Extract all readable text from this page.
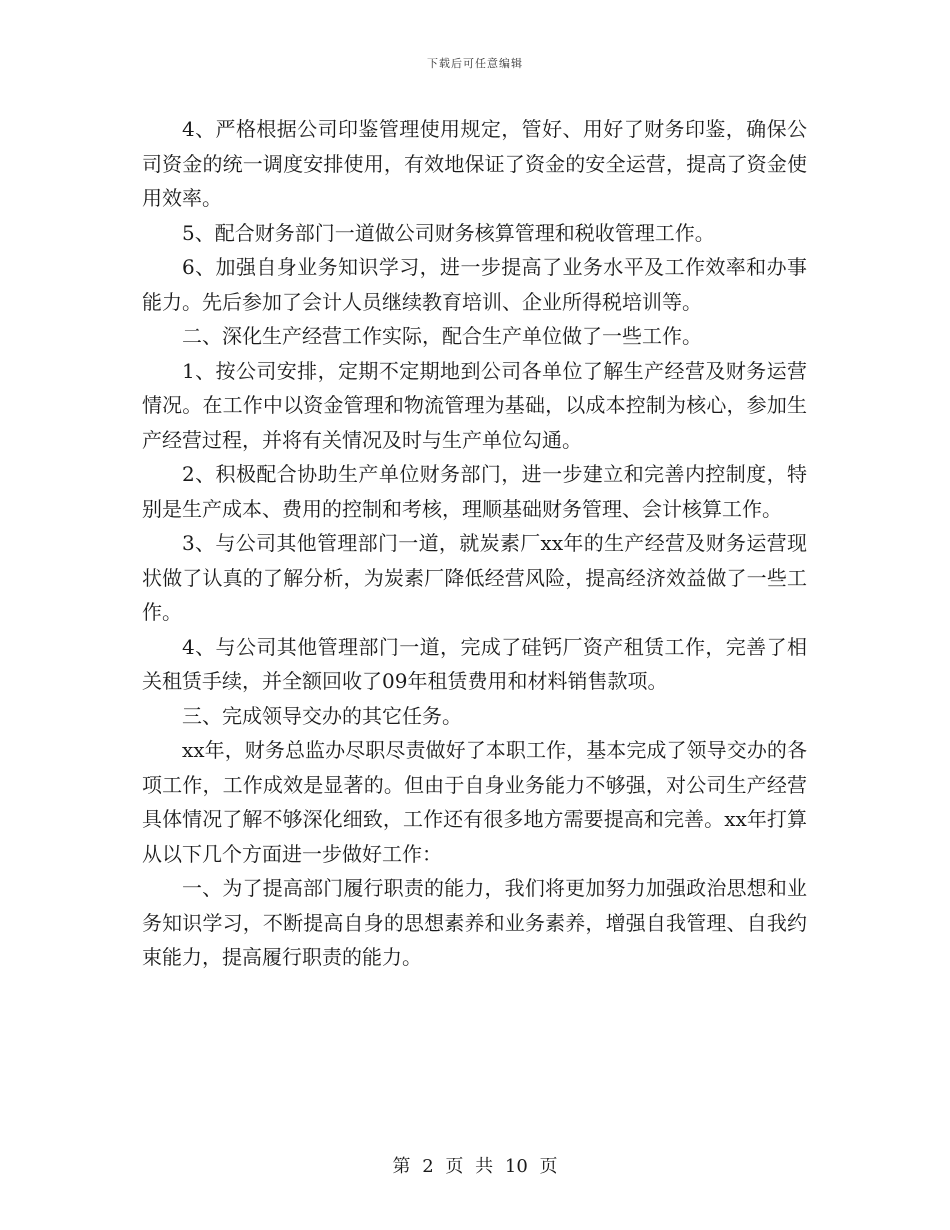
下载后可任意编辑

4、严格根据公司印鉴管理使用规定，管好、用好了财务印鉴，确保公司资金的统一调度安排使用，有效地保证了资金的安全运营，提高了资金使用效率。

5、配合财务部门一道做公司财务核算管理和税收管理工作。

6、加强自身业务知识学习，进一步提高了业务水平及工作效率和办事能力。先后参加了会计人员继续教育培训、企业所得税培训等。

二、深化生产经营工作实际，配合生产单位做了一些工作。

1、按公司安排，定期不定期地到公司各单位了解生产经营及财务运营情况。在工作中以资金管理和物流管理为基础，以成本控制为核心，参加生产经营过程，并将有关情况及时与生产单位勾通。

2、积极配合协助生产单位财务部门，进一步建立和完善内控制度，特别是生产成本、费用的控制和考核，理顺基础财务管理、会计核算工作。

3、与公司其他管理部门一道，就炭素厂xx年的生产经营及财务运营现状做了认真的了解分析，为炭素厂降低经营风险，提高经济效益做了一些工作。

4、与公司其他管理部门一道，完成了硅钙厂资产租赁工作，完善了相关租赁手续，并全额回收了09年租赁费用和材料销售款项。

三、完成领导交办的其它任务。

xx年，财务总监办尽职尽责做好了本职工作，基本完成了领导交办的各项工作，工作成效是显著的。但由于自身业务能力不够强，对公司生产经营具体情况了解不够深化细致，工作还有很多地方需要提高和完善。xx年打算从以下几个方面进一步做好工作：

一、为了提高部门履行职责的能力，我们将更加努力加强政治思想和业务知识学习，不断提高自身的思想素养和业务素养，增强自我管理、自我约束能力，提高履行职责的能力。

第 2 页 共 10 页
